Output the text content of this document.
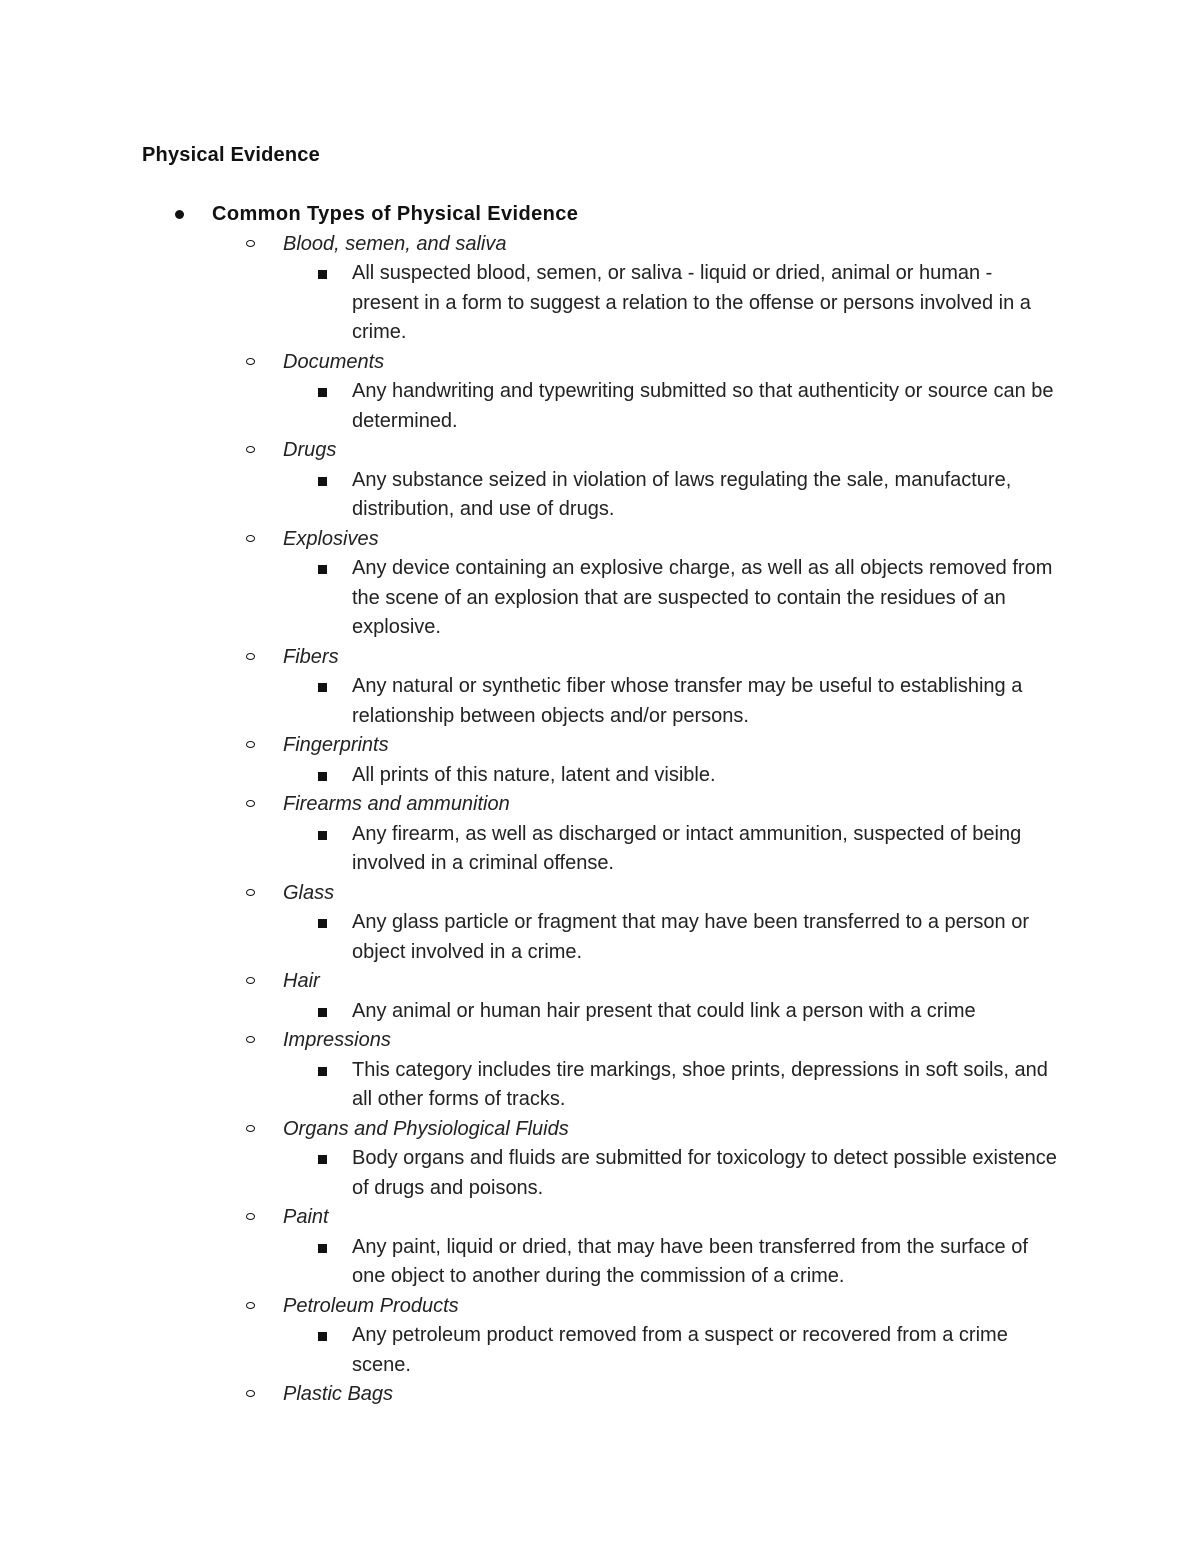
Physical Evidence
Common Types of Physical Evidence
Blood, semen, and saliva
All suspected blood, semen, or saliva - liquid or dried, animal or human - present in a form to suggest a relation to the offense or persons involved in a crime.
Documents
Any handwriting and typewriting submitted so that authenticity or source can be determined.
Drugs
Any substance seized in violation of laws regulating the sale, manufacture, distribution, and use of drugs.
Explosives
Any device containing an explosive charge, as well as all objects removed from the scene of an explosion that are suspected to contain the residues of an explosive.
Fibers
Any natural or synthetic fiber whose transfer may be useful to establishing a relationship between objects and/or persons.
Fingerprints
All prints of this nature, latent and visible.
Firearms and ammunition
Any firearm, as well as discharged or intact ammunition, suspected of being involved in a criminal offense.
Glass
Any glass particle or fragment that may have been transferred to a person or object involved in a crime.
Hair
Any animal or human hair present that could link a person with a crime
Impressions
This category includes tire markings, shoe prints, depressions in soft soils, and all other forms of tracks.
Organs and Physiological Fluids
Body organs and fluids are submitted for toxicology to detect possible existence of drugs and poisons.
Paint
Any paint, liquid or dried, that may have been transferred from the surface of one object to another during the commission of a crime.
Petroleum Products
Any petroleum product removed from a suspect or recovered from a crime scene.
Plastic Bags
